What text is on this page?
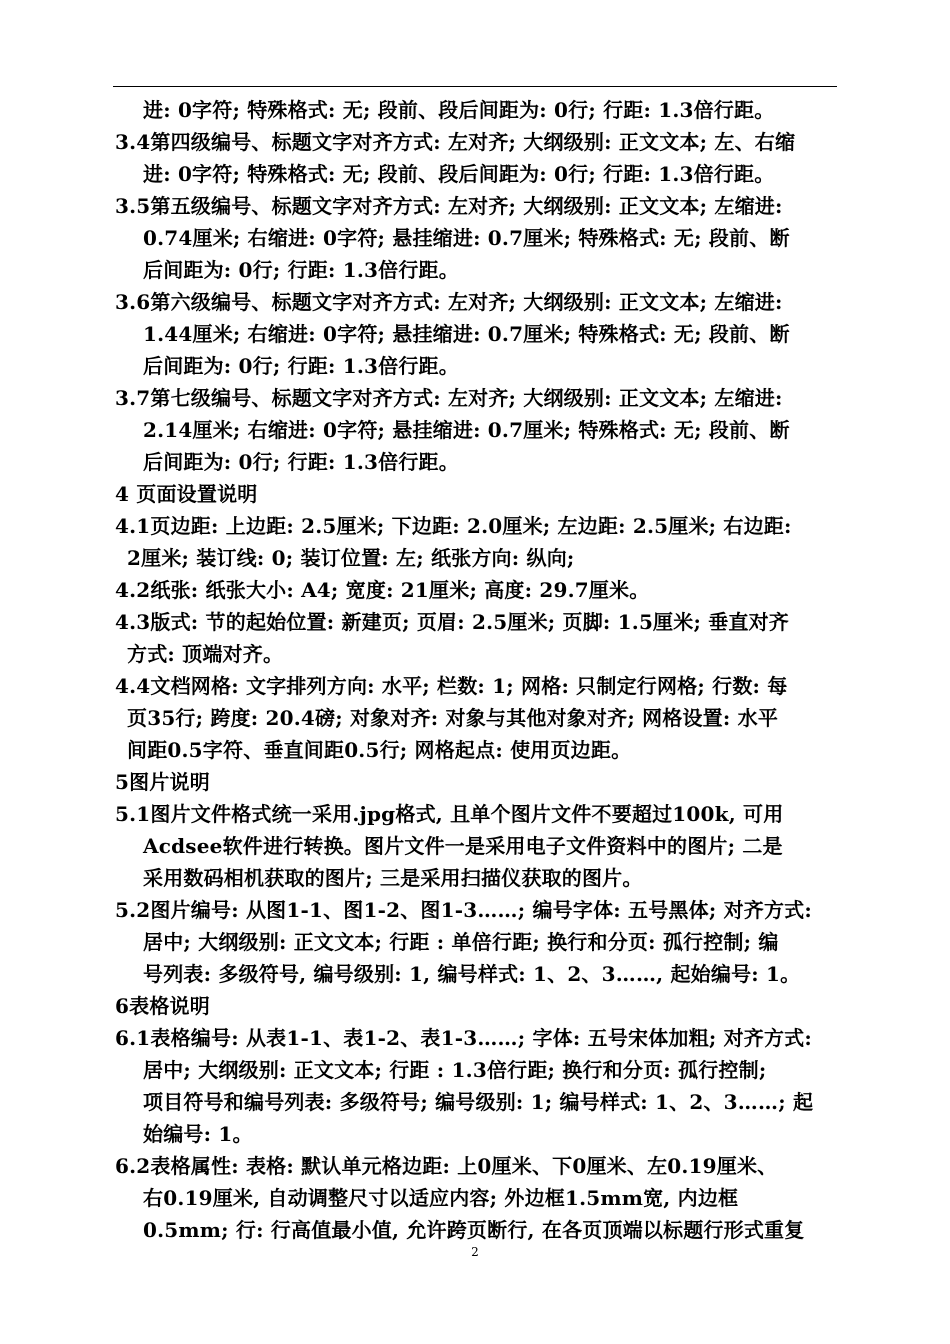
进: 0字符; 特殊格式: 无; 段前、段后间距为: 0行; 行距: 1.3倍行距。
3.4第四级编号、标题文字对齐方式: 左对齐; 大纲级别: 正文文本; 左、右缩
进: 0字符; 特殊格式: 无; 段前、段后间距为: 0行; 行距: 1.3倍行距。
3.5第五级编号、标题文字对齐方式: 左对齐; 大纲级别: 正文文本; 左缩进:
0.74厘米; 右缩进: 0字符; 悬挂缩进: 0.7厘米; 特殊格式: 无; 段前、断
后间距为: 0行; 行距: 1.3倍行距。
3.6第六级编号、标题文字对齐方式: 左对齐; 大纲级别: 正文文本; 左缩进:
1.44厘米; 右缩进: 0字符; 悬挂缩进: 0.7厘米; 特殊格式: 无; 段前、断
后间距为: 0行; 行距: 1.3倍行距。
3.7第七级编号、标题文字对齐方式: 左对齐; 大纲级别: 正文文本; 左缩进:
2.14厘米; 右缩进: 0字符; 悬挂缩进: 0.7厘米; 特殊格式: 无; 段前、断
后间距为: 0行; 行距: 1.3倍行距。
4 页面设置说明
4.1页边距: 上边距: 2.5厘米; 下边距: 2.0厘米; 左边距: 2.5厘米; 右边距:
2厘米; 装订线: 0; 装订位置: 左; 纸张方向: 纵向;
4.2纸张: 纸张大小: A4; 宽度: 21厘米; 高度: 29.7厘米。
4.3版式: 节的起始位置: 新建页; 页眉: 2.5厘米; 页脚: 1.5厘米; 垂直对齐
方式: 顶端对齐。
4.4文档网格: 文字排列方向: 水平; 栏数: 1; 网格: 只制定行网格; 行数: 每
页35行; 跨度: 20.4磅; 对象对齐: 对象与其他对象对齐; 网格设置: 水平
间距0.5字符、垂直间距0.5行; 网格起点: 使用页边距。
5图片说明
5.1图片文件格式统一采用.jpg格式, 且单个图片文件不要超过100k, 可用
Acdsee软件进行转换。图片文件一是采用电子文件资料中的图片; 二是
采用数码相机获取的图片; 三是采用扫描仪获取的图片。
5.2图片编号: 从图1-1、图1-2、图1-3……; 编号字体: 五号黑体; 对齐方式:
居中; 大纲级别: 正文文本; 行距 : 单倍行距; 换行和分页: 孤行控制; 编
号列表: 多级符号, 编号级别: 1, 编号样式: 1、2、3……, 起始编号: 1。
6表格说明
6.1表格编号: 从表1-1、表1-2、表1-3……; 字体: 五号宋体加粗; 对齐方式:
居中; 大纲级别: 正文文本; 行距 : 1.3倍行距; 换行和分页: 孤行控制;
项目符号和编号列表: 多级符号; 编号级别: 1; 编号样式: 1、2、3……; 起
始编号: 1。
6.2表格属性: 表格: 默认单元格边距: 上0厘米、下0厘米、左0.19厘米、
右0.19厘米, 自动调整尺寸以适应内容; 外边框1.5mm宽, 内边框
0.5mm; 行: 行高值最小值, 允许跨页断行, 在各页顶端以标题行形式重复
2
